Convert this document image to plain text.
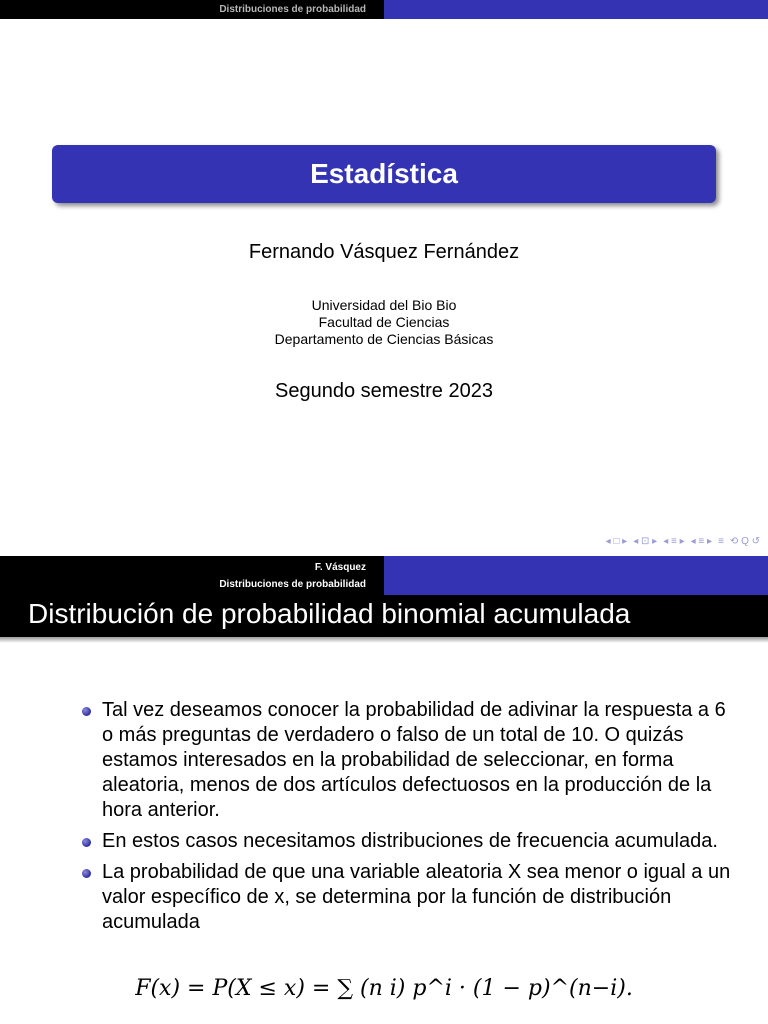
Distribuciones de probabilidad
Estadística
Fernando Vásquez Fernández
Universidad del Bio Bio
Facultad de Ciencias
Departamento de Ciencias Básicas
Segundo semestre 2023
◂ □ ▸ ◂ ⊡ ▸ ◂ ≡ ▸ ◂ ≡ ▸ ≡ ⟲ Q ↺
F. Vásquez
Distribuciones de probabilidad
Distribución de probabilidad binomial acumulada
Tal vez deseamos conocer la probabilidad de adivinar la respuesta a 6 o más preguntas de verdadero o falso de un total de 10. O quizás estamos interesados en la probabilidad de seleccionar, en forma aleatoria, menos de dos artículos defectuosos en la producción de la hora anterior.
En estos casos necesitamos distribuciones de frecuencia acumulada.
La probabilidad de que una variable aleatoria X sea menor o igual a un valor específico de x, se determina por la función de distribución acumulada
F(x) = P(X ≤ x) = ∑ (n i) p^i · (1 − p)^(n−i).
